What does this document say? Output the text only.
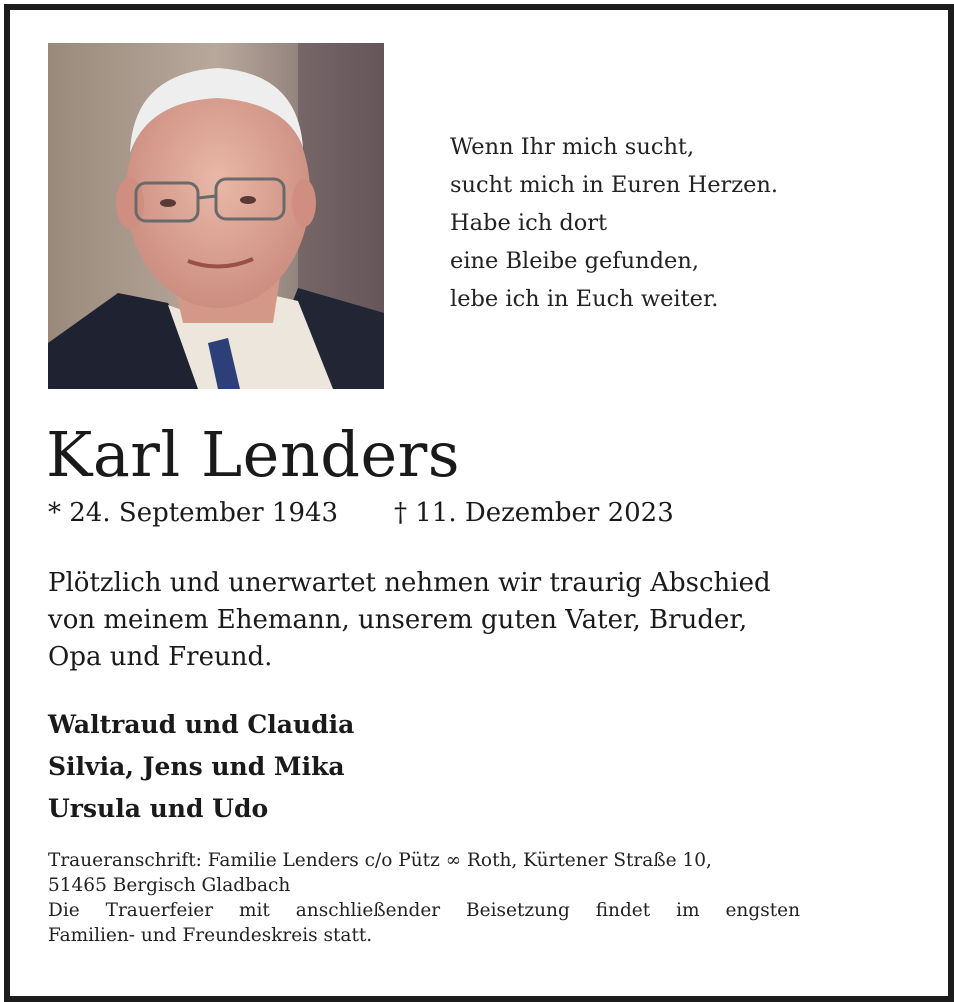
Wenn Ihr mich sucht,
sucht mich in Euren Herzen.
Habe ich dort
eine Bleibe gefunden,
lebe ich in Euch weiter.
Karl Lenders
* 24. September 1943 † 11. Dezember 2023
Plötzlich und unerwartet nehmen wir traurig Abschied
von meinem Ehemann, unserem guten Vater, Bruder,
Opa und Freund.
Waltraud und Claudia
Silvia, Jens und Mika
Ursula und Udo
Traueranschrift: Familie Lenders c/o Pütz ∞ Roth, Kürtener Straße 10,
51465 Bergisch Gladbach
Die Trauerfeier mit anschließender Beisetzung findet im engsten
Familien- und Freundeskreis statt.
